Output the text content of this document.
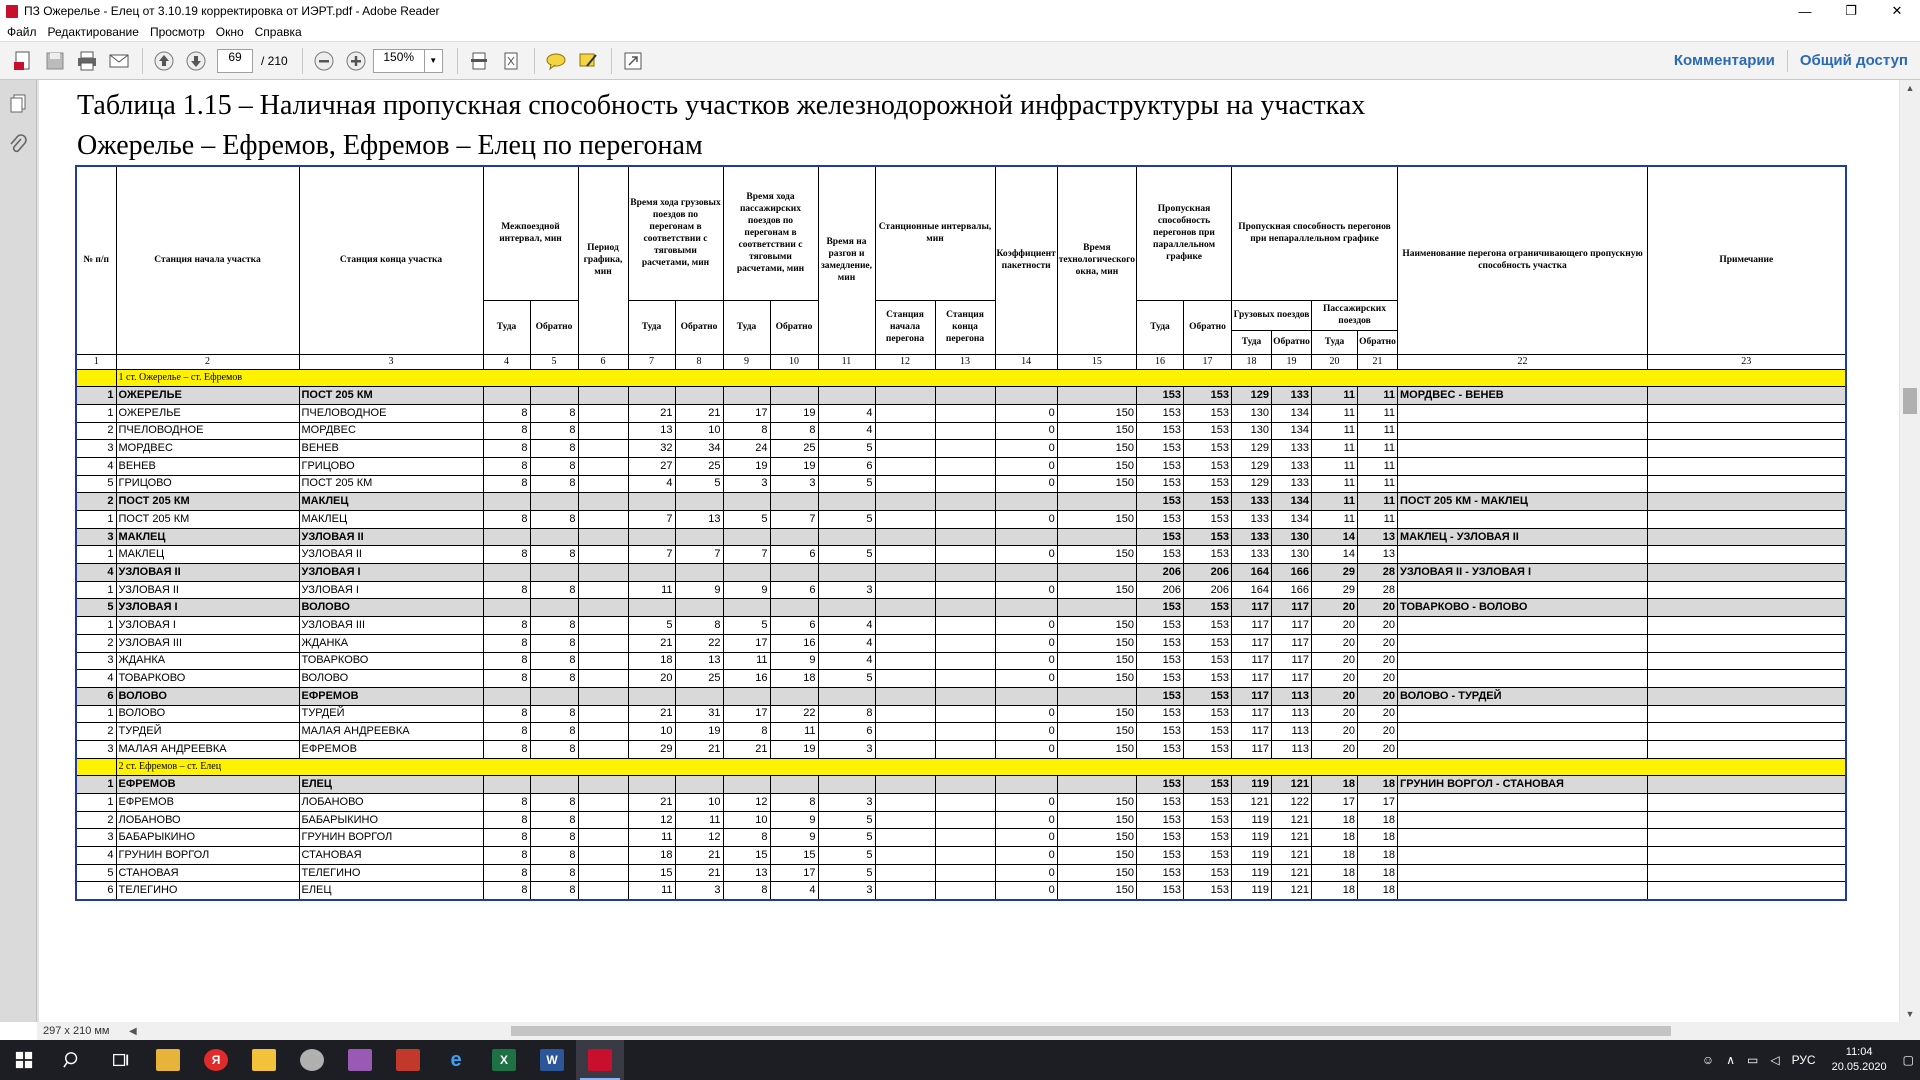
ПЗ Ожерелье - Елец от 3.10.19 корректировка от ИЭРТ.pdf - Adobe Reader	—	❐	✕
Файл Редактирование Просмотр Окно Справка
69	/ 210	150%	▼	Комментарии	Общий доступ
Таблица 1.15 – Наличная пропускная способность участков железнодорожной инфраструктуры на участках
Ожерелье – Ефремов, Ефремов – Елец по перегонам
№ п/п	Станция начала участка	Станция конца участка	Межпоездной интервал, мин		Период графика, мин	Время хода грузовых поездов по перегонам в соответствии с тяговыми расчетами, мин		Время хода пассажирских поездов по перегонам в соответствии с тяговыми расчетами, мин		Время на разгон и замедление, мин	Станционные интервалы, мин		Коэффициент пакетности	Время технологического окна, мин	Пропускная способность перегонов при параллельном графике		Пропускная способность перегонов при непараллельном графике				Наименование перегона ограничивающего пропускную способность участка	Примечание
			Туда	Обратно		Туда	Обратно	Туда	Обратно		Станция начала перегона	Станция конца перегона			Туда	Обратно	Грузовых поездов		Пассажирских поездов			
																	Туда	Обратно	Туда	Обратно		
1	2	3	4	5	6	7	8	9	10	11	12	13	14	15	16	17	18	19	20	21	22	23
	1 ст. Ожерелье – ст. Ефремов																					
1	ОЖЕРЕЛЬЕ	ПОСТ 205 КМ													153	153	129	133	11	11	МОРДВЕС - ВЕНЕВ	
1	ОЖЕРЕЛЬЕ	ПЧЕЛОВОДНОЕ	8	8		21	21	17	19	4			0	150	153	153	130	134	11	11		
2	ПЧЕЛОВОДНОЕ	МОРДВЕС	8	8		13	10	8	8	4			0	150	153	153	130	134	11	11		
3	МОРДВЕС	ВЕНЕВ	8	8		32	34	24	25	5			0	150	153	153	129	133	11	11		
4	ВЕНЕВ	ГРИЦОВО	8	8		27	25	19	19	6			0	150	153	153	129	133	11	11		
5	ГРИЦОВО	ПОСТ 205 КМ	8	8		4	5	3	3	5			0	150	153	153	129	133	11	11		
2	ПОСТ 205 КМ	МАКЛЕЦ													153	153	133	134	11	11	ПОСТ 205 КМ - МАКЛЕЦ	
1	ПОСТ 205 КМ	МАКЛЕЦ	8	8		7	13	5	7	5			0	150	153	153	133	134	11	11		
3	МАКЛЕЦ	УЗЛОВАЯ II													153	153	133	130	14	13	МАКЛЕЦ - УЗЛОВАЯ II	
1	МАКЛЕЦ	УЗЛОВАЯ II	8	8		7	7	7	6	5			0	150	153	153	133	130	14	13		
4	УЗЛОВАЯ II	УЗЛОВАЯ I													206	206	164	166	29	28	УЗЛОВАЯ II - УЗЛОВАЯ I	
1	УЗЛОВАЯ II	УЗЛОВАЯ I	8	8		11	9	9	6	3			0	150	206	206	164	166	29	28		
5	УЗЛОВАЯ I	ВОЛОВО													153	153	117	117	20	20	ТОВАРКОВО - ВОЛОВО	
1	УЗЛОВАЯ I	УЗЛОВАЯ III	8	8		5	8	5	6	4			0	150	153	153	117	117	20	20		
2	УЗЛОВАЯ III	ЖДАНКА	8	8		21	22	17	16	4			0	150	153	153	117	117	20	20		
3	ЖДАНКА	ТОВАРКОВО	8	8		18	13	11	9	4			0	150	153	153	117	117	20	20		
4	ТОВАРКОВО	ВОЛОВО	8	8		20	25	16	18	5			0	150	153	153	117	117	20	20		
6	ВОЛОВО	ЕФРЕМОВ													153	153	117	113	20	20	ВОЛОВО - ТУРДЕЙ	
1	ВОЛОВО	ТУРДЕЙ	8	8		21	31	17	22	8			0	150	153	153	117	113	20	20		
2	ТУРДЕЙ	МАЛАЯ АНДРЕЕВКА	8	8		10	19	8	11	6			0	150	153	153	117	113	20	20		
3	МАЛАЯ АНДРЕЕВКА	ЕФРЕМОВ	8	8		29	21	21	19	3			0	150	153	153	117	113	20	20		
	2 ст. Ефремов – ст. Елец																					
1	ЕФРЕМОВ	ЕЛЕЦ													153	153	119	121	18	18	ГРУНИН ВОРГОЛ - СТАНОВАЯ	
1	ЕФРЕМОВ	ЛОБАНОВО	8	8		21	10	12	8	3			0	150	153	153	121	122	17	17		
2	ЛОБАНОВО	БАБАРЫКИНО	8	8		12	11	10	9	5			0	150	153	153	119	121	18	18		
3	БАБАРЫКИНО	ГРУНИН ВОРГОЛ	8	8		11	12	8	9	5			0	150	153	153	119	121	18	18		
4	ГРУНИН ВОРГОЛ	СТАНОВАЯ	8	8		18	21	15	15	5			0	150	153	153	119	121	18	18		
5	СТАНОВАЯ	ТЕЛЕГИНО	8	8		15	21	13	17	5			0	150	153	153	119	121	18	18		
6	ТЕЛЕГИНО	ЕЛЕЦ	8	8		11	3	8	4	3			0	150	153	153	119	121	18	18		
▲
▼
297 x 210 мм	◀
Я	e	X	W	☺	∧	▭	◁	РУС
11:04
20.05.2020	▢
